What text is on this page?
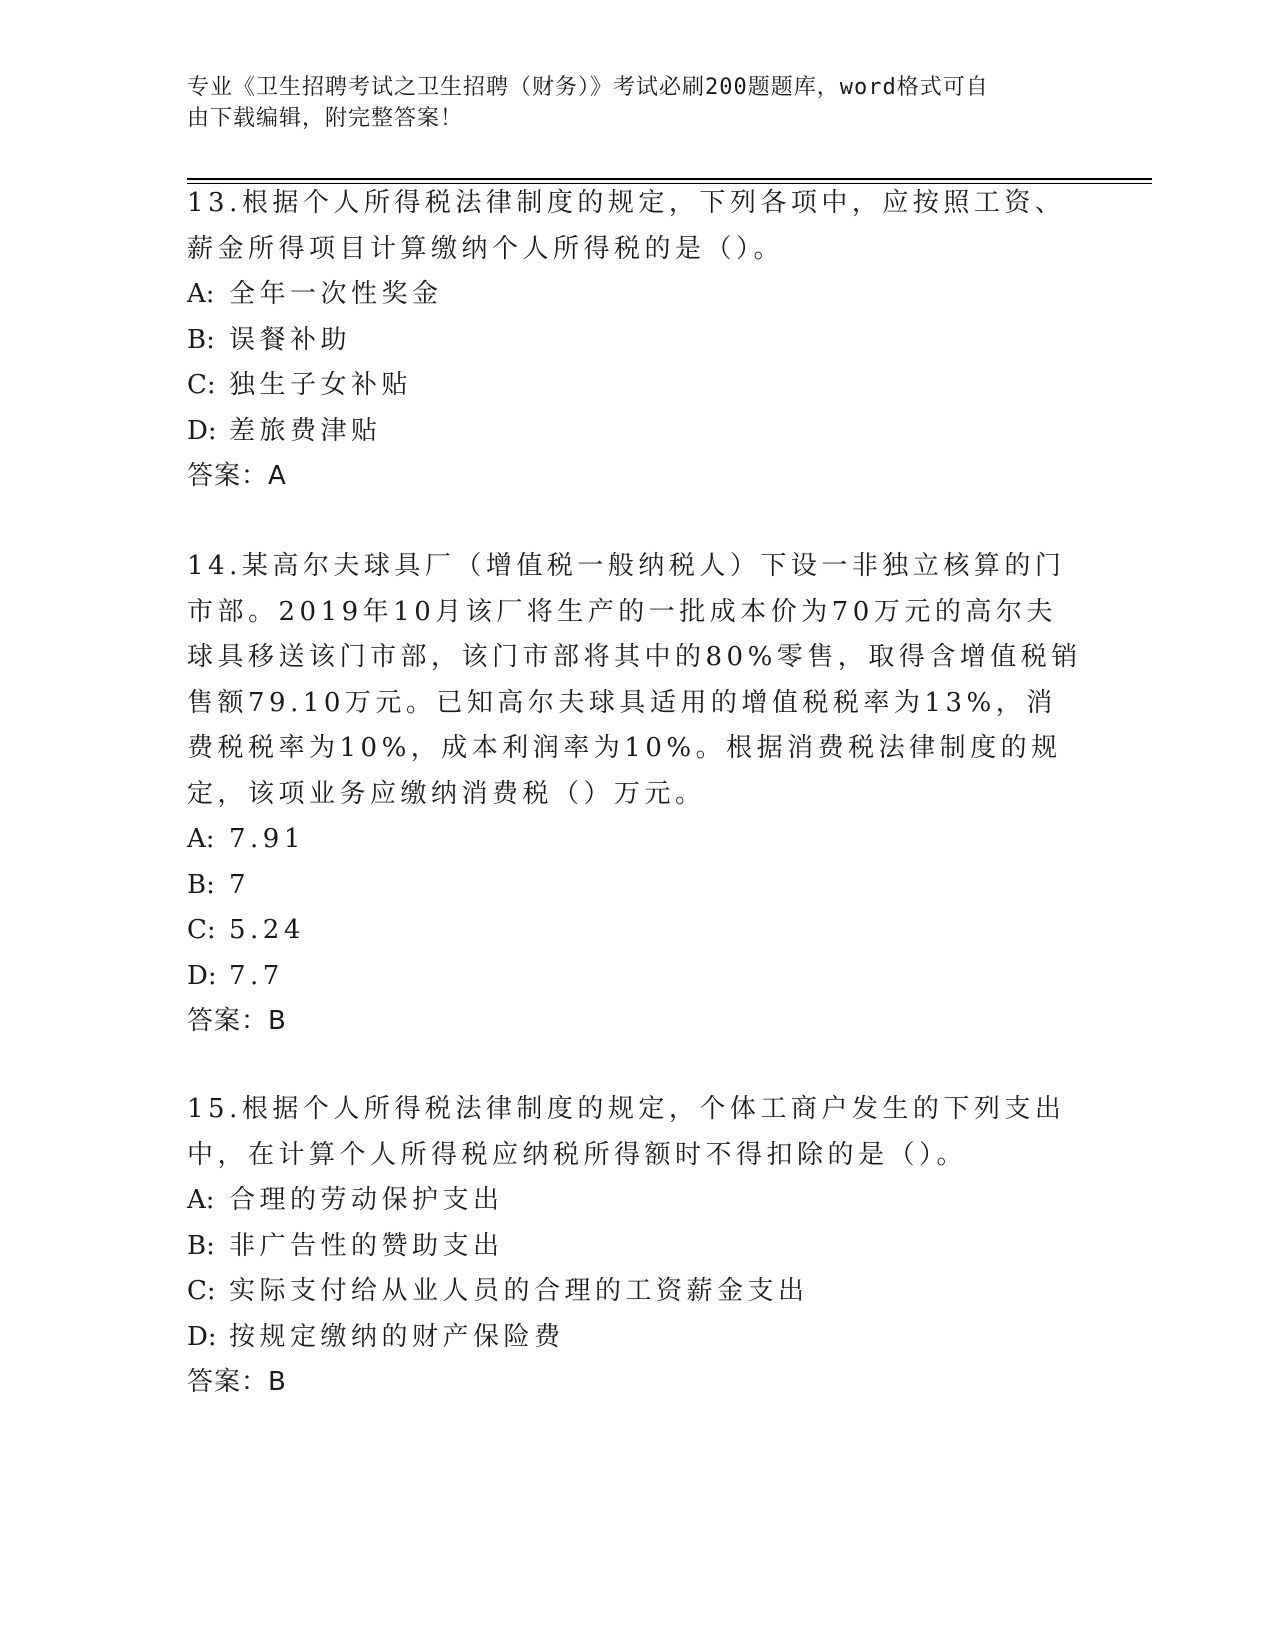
专业《卫生招聘考试之卫生招聘（财务）》考试必刷200题题库，word格式可自
由下载编辑，附完整答案！

13.根据个人所得税法律制度的规定，下列各项中，应按照工资、薪金所得项目计算缴纳个人所得税的是（）。

A: 全年一次性奖金

B: 误餐补助

C: 独生子女补贴

D: 差旅费津贴

答案：A

14.某高尔夫球具厂（增值税一般纳税人）下设一非独立核算的门市部。2019年10月该厂将生产的一批成本价为70万元的高尔夫球具移送该门市部，该门市部将其中的80%零售，取得含增值税销售额79.10万元。已知高尔夫球具适用的增值税税率为13%，消费税税率为10%，成本利润率为10%。根据消费税法律制度的规定，该项业务应缴纳消费税（）万元。

A: 7.91

B: 7

C: 5.24

D: 7.7

答案：B

15.根据个人所得税法律制度的规定，个体工商户发生的下列支出中，在计算个人所得税应纳税所得额时不得扣除的是（）。

A: 合理的劳动保护支出

B: 非广告性的赞助支出

C: 实际支付给从业人员的合理的工资薪金支出

D: 按规定缴纳的财产保险费

答案：B
